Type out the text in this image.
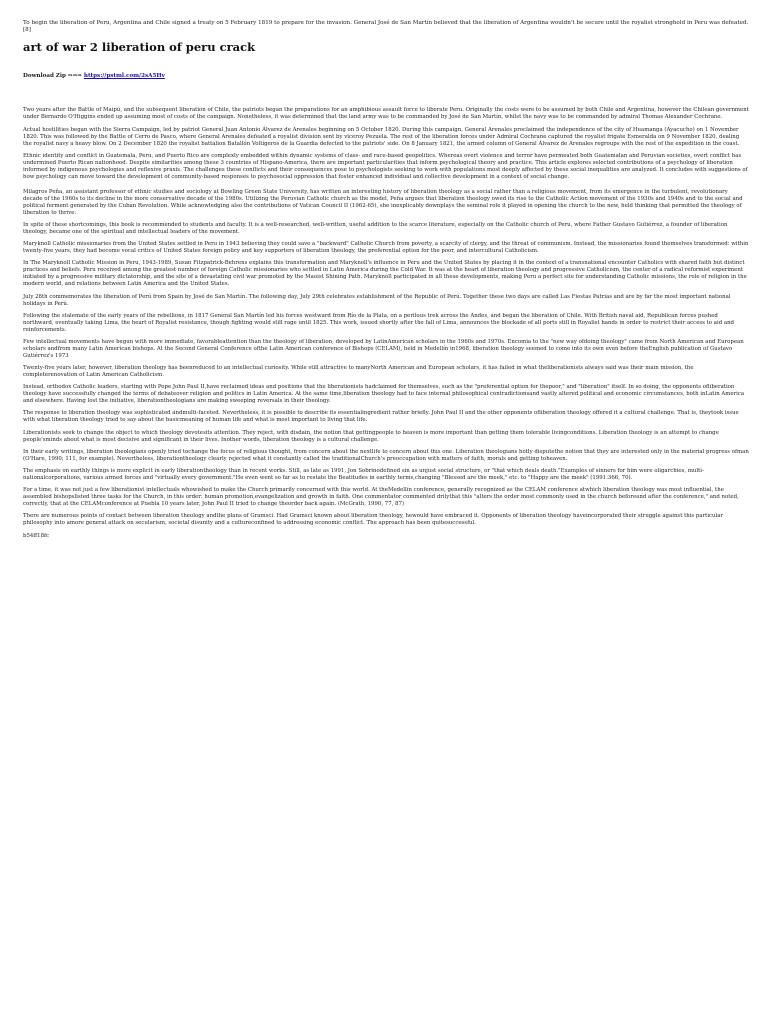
To begin the liberation of Peru, Argentina and Chile signed a treaty on 5 February 1819 to prepare for the invasion. General José de San Martín believed that the liberation of Argentina wouldn't be secure until the royalist stronghold in Peru was defeated.[8]

art of war 2 liberation of peru crack

Download Zip ⇒⇒⇒ https://pstml.com/2sA5Hv

Two years after the Battle of Maipú, and the subsequent liberation of Chile, the patriots began the preparations for an amphibious assault force to liberate Peru. Originally the costs were to be assumed by both Chile and Argentina, however the Chilean government under Bernardo O'Higgins ended up assuming most of costs of the campaign. Nonetheless, it was determined that the land army was to be commanded by José de San Martín, whilst the navy was to be commanded by admiral Thomas Alexander Cochrane.

Actual hostilities began with the Sierra Campaign, led by patriot General Juan Antonio Álvarez de Arenales beginning on 5 October 1820. During this campaign, General Arenales proclaimed the independence of the city of Huamanga (Ayacucho) on 1 November 1820. This was followed by the Battle of Cerro de Pasco, where General Arenales defeated a royalist division sent by viceroy Pezuela. The rest of the liberation forces under Admiral Cochrane captured the royalist frigate Esmeralda on 9 November 1820, dealing the royalist navy a heavy blow. On 2 December 1820 the royalist battalion Batallón Voltígeros de la Guardia defected to the patriots' side. On 8 January 1821, the armed column of General Álvarez de Arenales regroups with the rest of the expedition in the coast.

Ethnic identity and conflict in Guatemala, Peru, and Puerto Rico are complexly embedded within dynamic systems of class- and race-based geopolitics. Whereas overt violence and terror have permeated both Guatemalan and Peruvian societies, overt conflict has undermined Puerto Rican nationhood. Despite similarities among these 3 countries of Hispano-America, there are important particularities that inform psychological theory and practice. This article explores selected contributions of a psychology of liberation informed by indigenous psychologies and reflexive praxis. The challenges these conflicts and their consequences pose to psychologists seeking to work with populations most deeply affected by these social inequalities are analyzed. It concludes with suggestions of how psychology can move toward the development of community-based responses to psychosocial oppression that foster enhanced individual and collective development in a context of social change.

Milagros Peña, an assistant professor of ethnic studies and sociology at Bowling Green State University, has written an interesting history of liberation theology as a social rather than a religious movement, from its emergence in the turbulent, revolutionary decade of the 1960s to its decline in the more conservative decade of the 1980s. Utilizing the Peruvian Catholic church as the model, Peña argues that liberation theology owed its rise to the Catholic Action movement of the 1930s and 1940s and to the social and political ferment generated by the Cuban Revolution. While acknowledging also the contributions of Vatican Council II (1962-65), she inexplicably downplays the seminal role it played in opening the church to the new, held thinking that permitted the theology of liberation to thrive.

In spite of these shortcomings, this book is recommended to students and faculty. It is a well-researched, well-written, useful addition to the scarce literature, especially on the Catholic church of Peru, where Father Gustavo Gutiérrez, a founder of liberation theology, became one of the spiritual and intellectual leaders of the movement.

Maryknoll Catholic missionaries from the United States settled in Peru in 1943 believing they could save a "backward" Catholic Church from poverty, a scarcity of clergy, and the threat of communism. Instead, the missionaries found themselves transformed: within twenty-five years, they had become vocal critics of United States foreign policy and key supporters of liberation theology, the preferential option for the poor, and intercultural Catholicism.

In The Maryknoll Catholic Mission in Peru, 1943-1989, Susan Fitzpatrick-Behrens explains this transformation and Maryknoll's influence in Peru and the United States by placing it in the context of a transnational encounter Catholics with shared faith but distinct practices and beliefs. Peru received among the greatest number of foreign Catholic missionaries who settled in Latin America during the Cold War. It was at the heart of liberation theology and progressive Catholicism, the center of a radical reformist experiment initiated by a progressive military dictatorship, and the site of a devastating civil war promoted by the Maoist Shining Path. Maryknoll participated in all these developments, making Peru a perfect site for understanding Catholic missions, the role of religion in the modern world, and relations between Latin America and the United States.

July 28th commemorates the liberation of Perú from Spain by José de San Martín. The following day, July 29th celebrates establishment of the Republic of Perú. Together these two days are called Las Fiestas Patrias and are by far the most important national holidays in Perú.

Following the stalemate of the early years of the rebellions, in 1817 General San Martín led his forces westward from Río de la Plata, on a perilous trek across the Andes, and began the liberation of Chile. With British naval aid, Republican forces pushed northward, eventually taking Lima, the heart of Royalist resistance, though fighting would still rage until 1825. This work, issued shortly after the fall of Lima, announces the blockade of all ports still in Royalist hands in order to restrict their access to aid and reinforcements.

Few intellectual movements have begun with more immediate, favorableattention than the theology of liberation, developed by LatinAmerican scholars in the 1960s and 1970s. Encomia to the "new way ofdoing theology" came from North American and European scholars andfrom many Latin American bishops. At the Second General Conference ofthe Latin American conference of Bishops (CELAM), held in Medellín in1968, liberation theology seemed to come into its own even before theEnglish publication of Gustavo Gutiérrez's 1973

Twenty-five years later, however, liberation theology has beenreduced to an intellectual curiosity. While still attractive to manyNorth American and European scholars, it has failed in what theliberationists always said was their main mission, the completerenovation of Latin American Catholicism.

Instead, orthodox Catholic leaders, starting with Pope John Paul II,have reclaimed ideas and positions that the liberationists hadclaimed for themselves, such as the "preferential option for thepoor," and "liberation" itself. In so doing, the opponents ofliberation theology have successfully changed the terms of debateover religion and politics in Latin America. At the same time,liberation theology had to face internal philosophical contradictionsand vastly altered political and economic circumstances, both inLatin America and elsewhere. Having lost the initiative, liberationtheologians are making sweeping reversals in their theology.

The response to liberation theology was sophisticated andmulti-faceted. Nevertheless, it is possible to describe its essentialingredient rather briefly. John Paul II and the other opponents ofliberation theology offered it a cultural challenge. That is, theytook issue with what liberation theology tried to say about the basicmeaning of human life and what is most important to living that life.

Liberationists seek to change the object to which theology devotesits attention. They reject, with disdain, the notion that gettingpeople to heaven is more important than getting them tolerable livingconditions. Liberation theology is an attempt to change people'sminds about what is most decisive and significant in their lives. Inother words, liberation theology is a cultural challenge.

In their early writings, liberation theologians openly tried tochange the focus of religious thought, from concern about the nextlife to concern about this one. Liberation theologians hotly disputethe notion that they are interested only in the material progress ofman (O'Hare, 1990; 111, for example). Nevertheless, liberationtheology clearly rejected what it constantly called the traditionalChurch's preoccupation with matters of faith, morals and getting toheaven.

The emphasis on earthly things is more explicit in early liberationtheology than in recent works. Still, as late as 1991, Jon Sobrinodefined sin as unjust social structure, or "that which deals death."Examples of sinners for him were oligarchies, multi-nationalcorporations, various armed forces and "virtually every government."He even went so far as to restate the Beatitudes in earthly terms,changing "Blessed are the meek," etc. to "Happy are the meek" (1991:366, 70).

For a time, it was not just a few liberationist intellectuals whowished to make the Church primarily concerned with this world. At theMedellín conference, generally recognized as the CELAM conference atwhich liberation theology was most influential, the assembled bishopslisted three tasks for the Church, in this order: human promotion,evangelization and growth in faith. One commentator commented drilythat this "alters the order most commonly used in the church beforeand after the conference," and noted, correctly, that at the CELAMconference at Puebla 10 years later, John Paul II tried to change theorder back again. (McGrath, 1990, 77, 87)

There are numerous points of contact between liberation theology andthe plans of Gramsci. Had Gramsci known about liberation theology, hewould have embraced it. Opponents of liberation theology haveincorporated their struggle against this particular philosophy into amore general attack on secularism, societal disunity and a cultureconfined to addressing economic conflict. The approach has been quitesuccessful.

b54ff18fc
